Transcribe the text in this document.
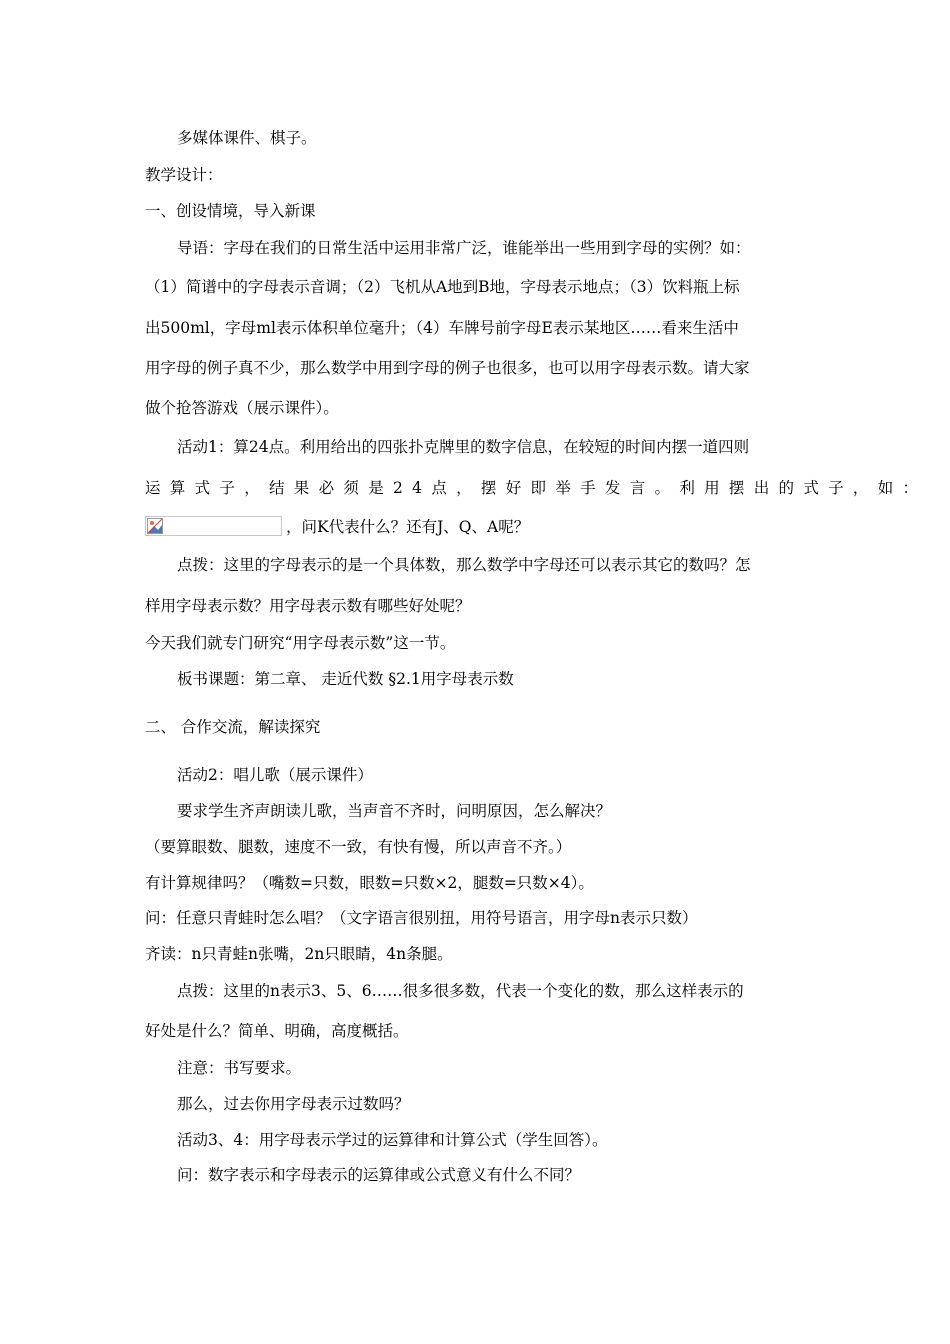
多媒体课件、棋子。
教学设计：
一、创设情境，导入新课
导语：字母在我们的日常生活中运用非常广泛，谁能举出一些用到字母的实例？如：
（1）简谱中的字母表示音调；（2）飞机从A地到B地，字母表示地点；（3）饮料瓶上标
出500ml，字母ml表示体积单位毫升；（4）车牌号前字母E表示某地区……看来生活中
用字母的例子真不少，那么数学中用到字母的例子也很多，也可以用字母表示数。请大家
做个抢答游戏（展示课件）。
活动1：算24点。利用给出的四张扑克牌里的数字信息，在较短的时间内摆一道四则
运算式子，结果必须是24点，摆好即举手发言。利用摆出的式子，如：
，问K代表什么？还有J、Q、A呢？
点拨：这里的字母表示的是一个具体数，那么数学中字母还可以表示其它的数吗？怎
样用字母表示数？用字母表示数有哪些好处呢？
今天我们就专门研究“用字母表示数”这一节。
板书课题：第二章、 走近代数 §2.1用字母表示数
二、 合作交流，解读探究
活动2：唱儿歌（展示课件）
要求学生齐声朗读儿歌，当声音不齐时，问明原因，怎么解决？
（要算眼数、腿数，速度不一致，有快有慢，所以声音不齐。）
有计算规律吗？（嘴数=只数，眼数=只数×2，腿数=只数×4）。
问：任意只青蛙时怎么唱？（文字语言很别扭，用符号语言，用字母n表示只数）
齐读：n只青蛙n张嘴，2n只眼睛，4n条腿。
点拨：这里的n表示3、5、6……很多很多数，代表一个变化的数，那么这样表示的
好处是什么？简单、明确，高度概括。
注意：书写要求。
那么，过去你用字母表示过数吗？
活动3、4：用字母表示学过的运算律和计算公式（学生回答）。
问：数字表示和字母表示的运算律或公式意义有什么不同？
